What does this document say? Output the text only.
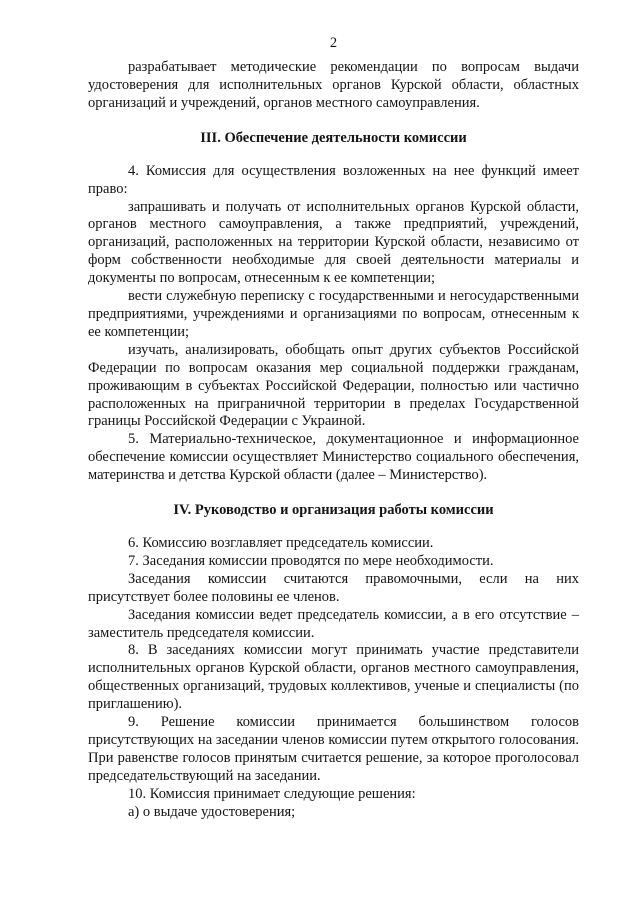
2

разрабатывает методические рекомендации по вопросам выдачи удостоверения для исполнительных органов Курской области, областных организаций и учреждений, органов местного самоуправления.

III. Обеспечение деятельности комиссии

4. Комиссия для осуществления возложенных на нее функций имеет право:

запрашивать и получать от исполнительных органов Курской области, органов местного самоуправления, а также предприятий, учреждений, организаций, расположенных на территории Курской области, независимо от форм собственности необходимые для своей деятельности материалы и документы по вопросам, отнесенным к ее компетенции;

вести служебную переписку с государственными и негосударственными предприятиями, учреждениями и организациями по вопросам, отнесенным к ее компетенции;

изучать, анализировать, обобщать опыт других субъектов Российской Федерации по вопросам оказания мер социальной поддержки гражданам, проживающим в субъектах Российской Федерации, полностью или частично расположенных на приграничной территории в пределах Государственной границы Российской Федерации с Украиной.

5. Материально-техническое, документационное и информационное обеспечение комиссии осуществляет Министерство социального обеспечения, материнства и детства Курской области (далее – Министерство).

IV. Руководство и организация работы комиссии

6. Комиссию возглавляет председатель комиссии.

7. Заседания комиссии проводятся по мере необходимости.

Заседания комиссии считаются правомочными, если на них присутствует более половины ее членов.

Заседания комиссии ведет председатель комиссии, а в его отсутствие – заместитель председателя комиссии.

8. В заседаниях комиссии могут принимать участие представители исполнительных органов Курской области, органов местного самоуправления, общественных организаций, трудовых коллективов, ученые и специалисты (по приглашению).

9. Решение комиссии принимается большинством голосов присутствующих на заседании членов комиссии путем открытого голосования. При равенстве голосов принятым считается решение, за которое проголосовал председательствующий на заседании.

10. Комиссия принимает следующие решения:

а) о выдаче удостоверения;
